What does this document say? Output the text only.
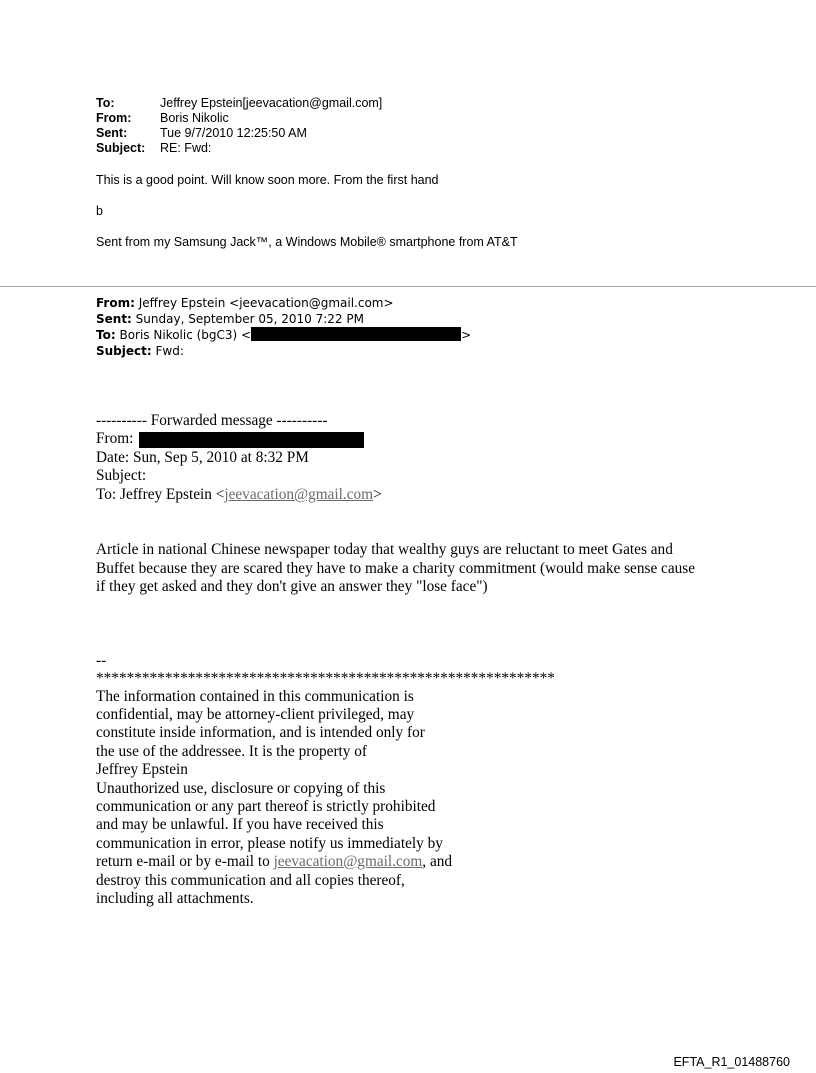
To:	Jeffrey Epstein[jeevacation@gmail.com]
From:	Boris Nikolic
Sent:	Tue 9/7/2010 12:25:50 AM
Subject:	RE: Fwd:
This is a good point. Will know soon more. From the first hand
b
Sent from my Samsung Jack™, a Windows Mobile® smartphone from AT&T
From: Jeffrey Epstein <jeevacation@gmail.com>
Sent: Sunday, September 05, 2010 7:22 PM
To: Boris Nikolic (bgC3) <	>
Subject: Fwd:
---------- Forwarded message ----------
From:
Date: Sun, Sep 5, 2010 at 8:32 PM
Subject:
To: Jeffrey Epstein <jeevacation@gmail.com>
Article in national Chinese newspaper today that wealthy guys are reluctant to meet Gates and
Buffet because they are scared they have to make a charity commitment (would make sense cause
if they get asked and they don't give an answer they "lose face")
--
************************************************************
The information contained in this communication is
confidential, may be attorney-client privileged, may
constitute inside information, and is intended only for
the use of the addressee. It is the property of
Jeffrey Epstein
Unauthorized use, disclosure or copying of this
communication or any part thereof is strictly prohibited
and may be unlawful. If you have received this
communication in error, please notify us immediately by
return e-mail or by e-mail to jeevacation@gmail.com, and
destroy this communication and all copies thereof,
including all attachments.
EFTA_R1_01488760
